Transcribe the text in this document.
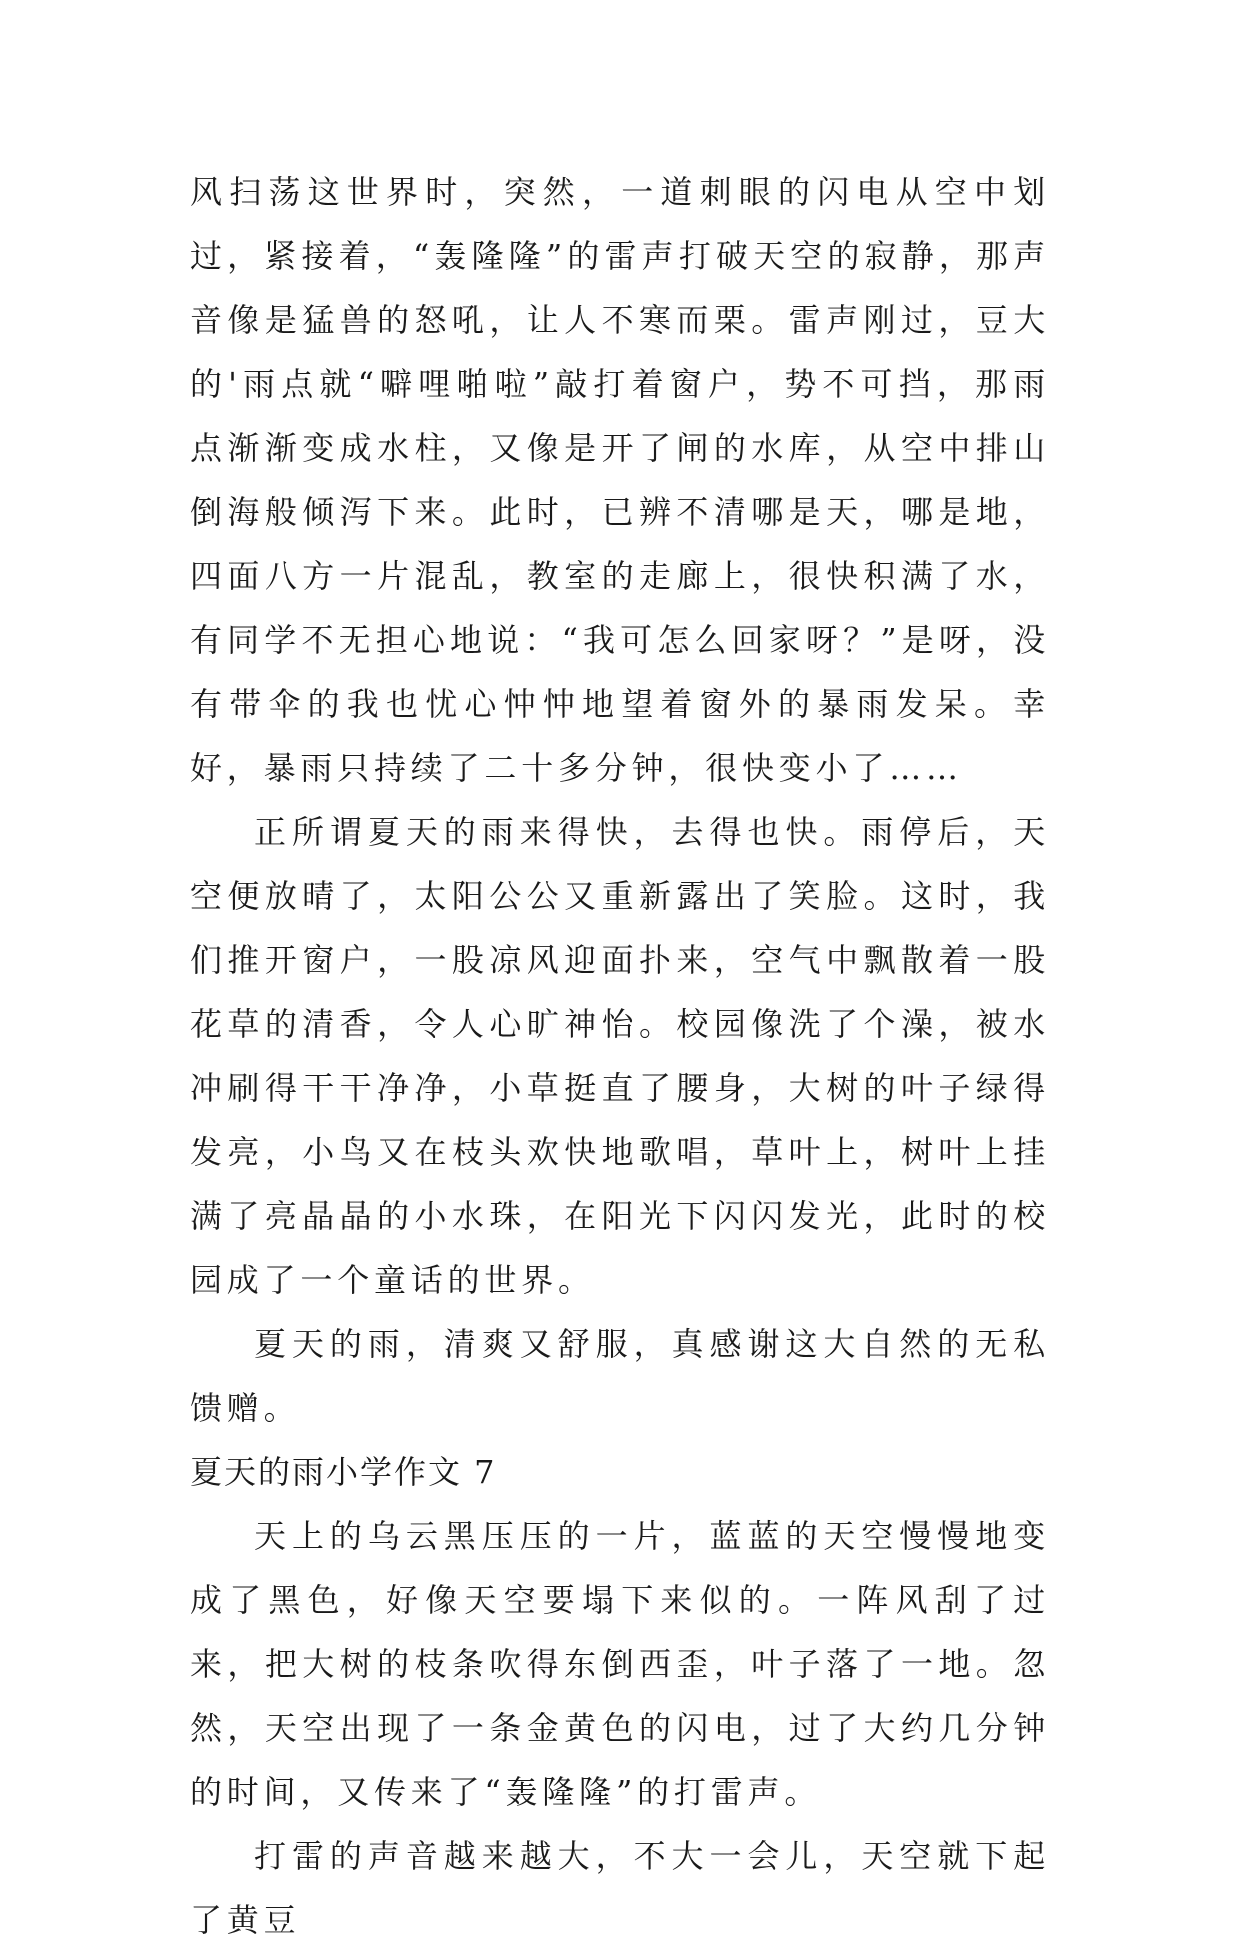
风扫荡这世界时，突然，一道刺眼的闪电从空中划过，紧接着，“轰隆隆”的雷声打破天空的寂静，那声音像是猛兽的怒吼，让人不寒而栗。雷声刚过，豆大的'雨点就“噼哩啪啦”敲打着窗户，势不可挡，那雨点渐渐变成水柱，又像是开了闸的水库，从空中排山倒海般倾泻下来。此时，已辨不清哪是天，哪是地，四面八方一片混乱，教室的走廊上，很快积满了水，有同学不无担心地说：“我可怎么回家呀？”是呀，没有带伞的我也忧心忡忡地望着窗外的暴雨发呆。幸好，暴雨只持续了二十多分钟，很快变小了……

正所谓夏天的雨来得快，去得也快。雨停后，天空便放晴了，太阳公公又重新露出了笑脸。这时，我们推开窗户，一股凉风迎面扑来，空气中飘散着一股花草的清香，令人心旷神怡。校园像洗了个澡，被水冲刷得干干净净，小草挺直了腰身，大树的叶子绿得发亮，小鸟又在枝头欢快地歌唱，草叶上，树叶上挂满了亮晶晶的小水珠，在阳光下闪闪发光，此时的校园成了一个童话的世界。

夏天的雨，清爽又舒服，真感谢这大自然的无私馈赠。

夏天的雨小学作文 7

天上的乌云黑压压的一片，蓝蓝的天空慢慢地变成了黑色，好像天空要塌下来似的。一阵风刮了过来，把大树的枝条吹得东倒西歪，叶子落了一地。忽然，天空出现了一条金黄色的闪电，过了大约几分钟的时间，又传来了“轰隆隆”的打雷声。

打雷的声音越来越大，不大一会儿，天空就下起了黄豆
